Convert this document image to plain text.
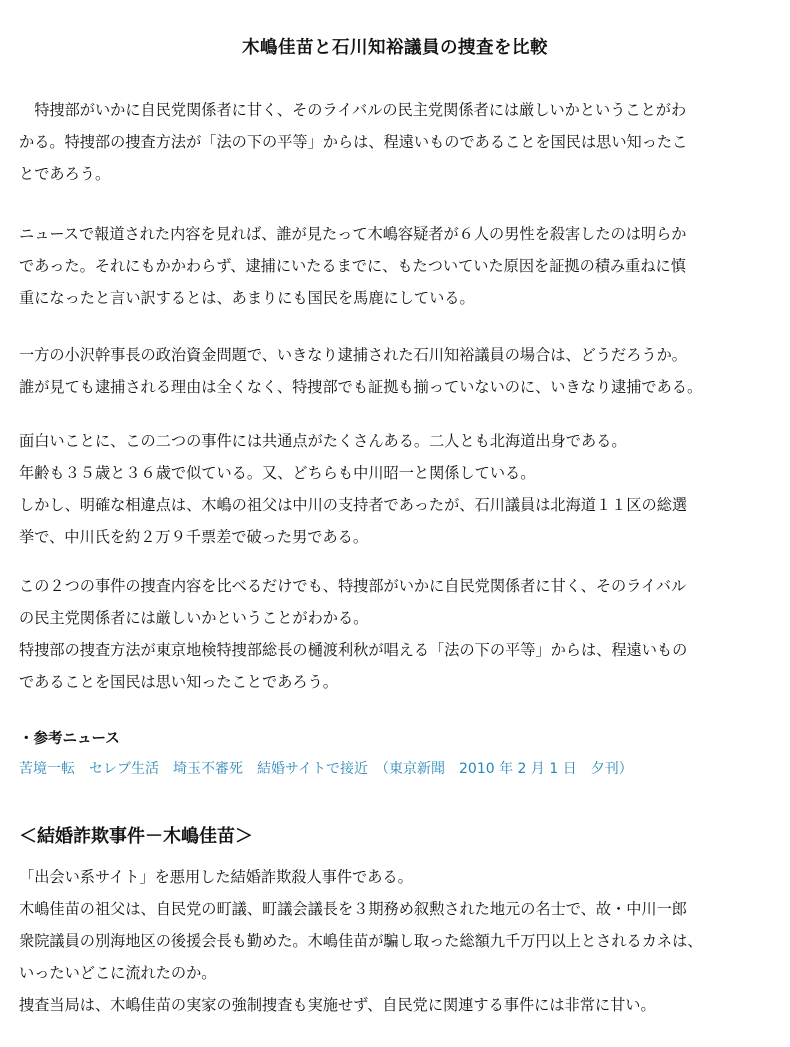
木嶋佳苗と石川知裕議員の捜査を比較
　特捜部がいかに自民党関係者に甘く、そのライバルの民主党関係者には厳しいかということがわ
かる。特捜部の捜査方法が「法の下の平等」からは、程遠いものであることを国民は思い知ったこ
とであろう。
ニュースで報道された内容を見れば、誰が見たって木嶋容疑者が６人の男性を殺害したのは明らか
であった。それにもかかわらず、逮捕にいたるまでに、もたついていた原因を証拠の積み重ねに慎
重になったと言い訳するとは、あまりにも国民を馬鹿にしている。
一方の小沢幹事長の政治資金問題で、いきなり逮捕された石川知裕議員の場合は、どうだろうか。
誰が見ても逮捕される理由は全くなく、特捜部でも証拠も揃っていないのに、いきなり逮捕である。
面白いことに、この二つの事件には共通点がたくさんある。二人とも北海道出身である。
年齢も３５歳と３６歳で似ている。又、どちらも中川昭一と関係している。
しかし、明確な相違点は、木嶋の祖父は中川の支持者であったが、石川議員は北海道１１区の総選
挙で、中川氏を約２万９千票差で破った男である。
この２つの事件の捜査内容を比べるだけでも、特捜部がいかに自民党関係者に甘く、そのライバル
の民主党関係者には厳しいかということがわかる。
特捜部の捜査方法が東京地検特捜部総長の樋渡利秋が唱える「法の下の平等」からは、程遠いもの
であることを国民は思い知ったことであろう。
・参考ニュース
苦境一転　セレブ生活　埼玉不審死　結婚サイトで接近　（東京新聞　2010 年 2 月 1 日　夕刊）
＜結婚詐欺事件－木嶋佳苗＞
「出会い系サイト」を悪用した結婚詐欺殺人事件である。
木嶋佳苗の祖父は、自民党の町議、町議会議長を３期務め叙勲された地元の名士で、故・中川一郎
衆院議員の別海地区の後援会長も勤めた。木嶋佳苗が騙し取った総額九千万円以上とされるカネは、
いったいどこに流れたのか。
捜査当局は、木嶋佳苗の実家の強制捜査も実施せず、自民党に関連する事件には非常に甘い。
